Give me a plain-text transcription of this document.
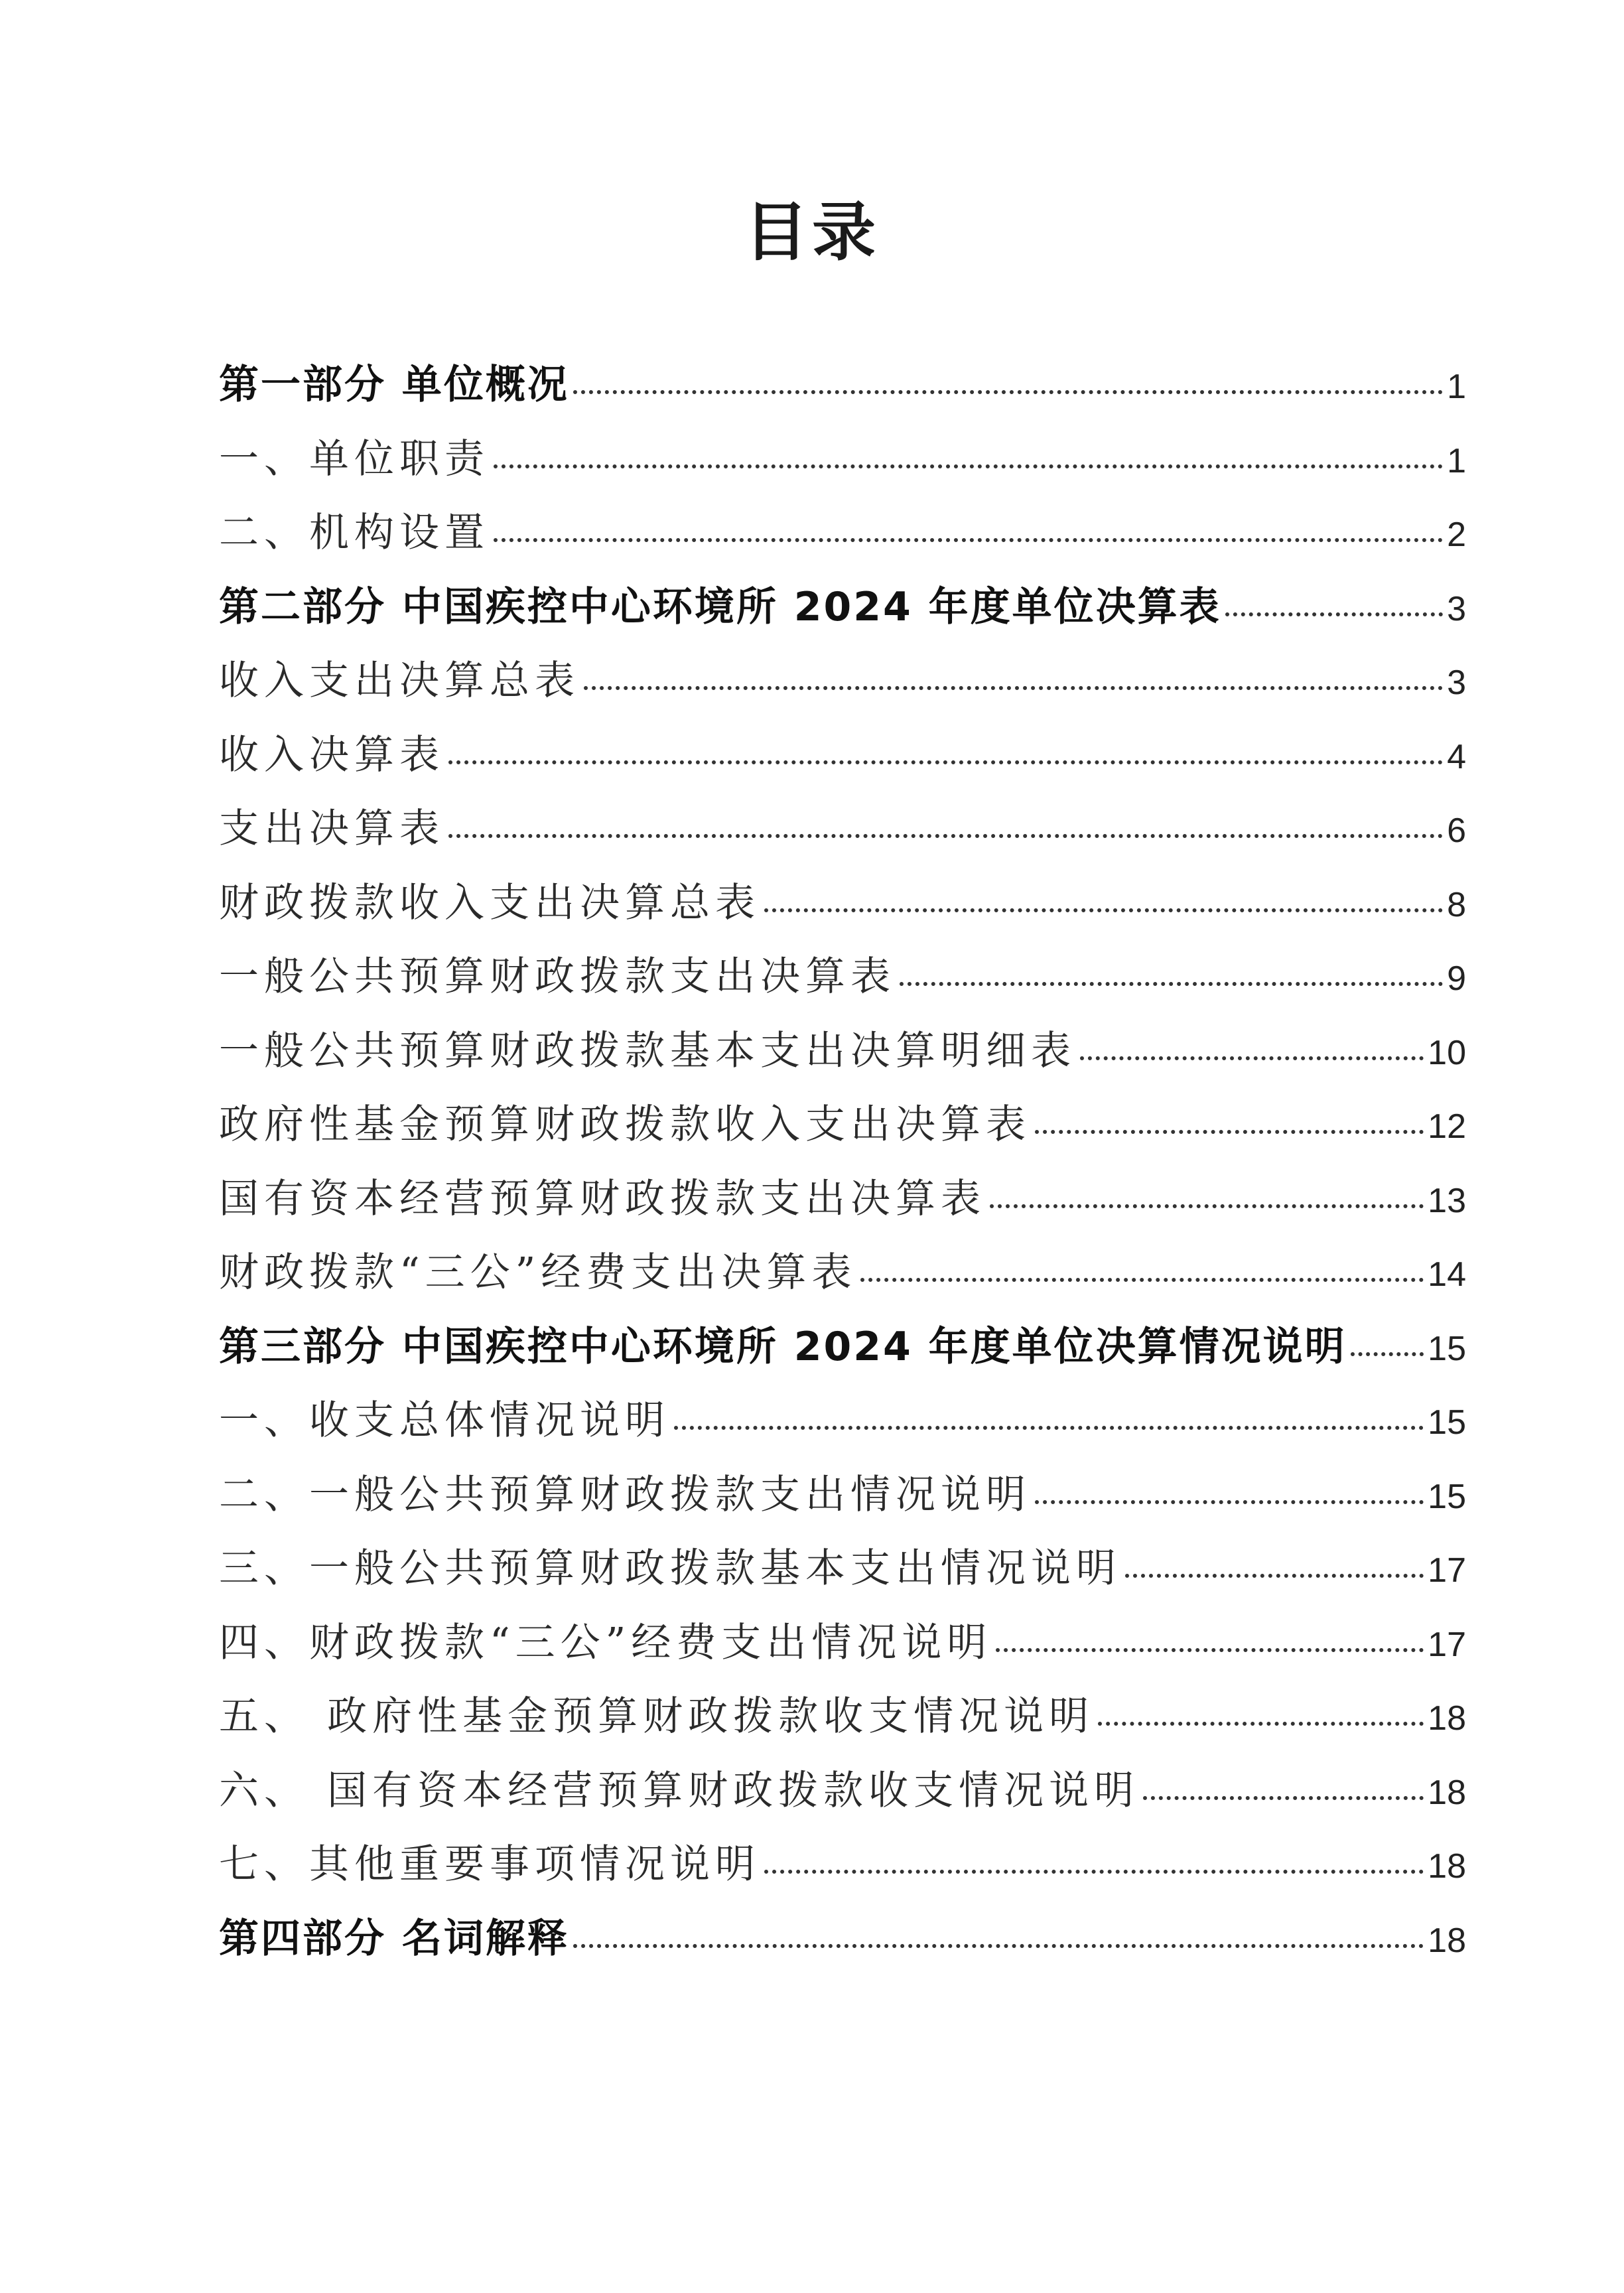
目录
第一部分 单位概况	1
一、单位职责	1
二、机构设置	2
第二部分 中国疾控中心环境所 2024 年度单位决算表	3
收入支出决算总表	3
收入决算表	4
支出决算表	6
财政拨款收入支出决算总表	8
一般公共预算财政拨款支出决算表	9
一般公共预算财政拨款基本支出决算明细表	10
政府性基金预算财政拨款收入支出决算表	12
国有资本经营预算财政拨款支出决算表	13
财政拨款“三公”经费支出决算表	14
第三部分 中国疾控中心环境所 2024 年度单位决算情况说明 15
一、收支总体情况说明	15
二、一般公共预算财政拨款支出情况说明	15
三、一般公共预算财政拨款基本支出情况说明	17
四、财政拨款“三公”经费支出情况说明	17
五、 政府性基金预算财政拨款收支情况说明	18
六、 国有资本经营预算财政拨款收支情况说明	18
七、其他重要事项情况说明	18
第四部分 名词解释	18
